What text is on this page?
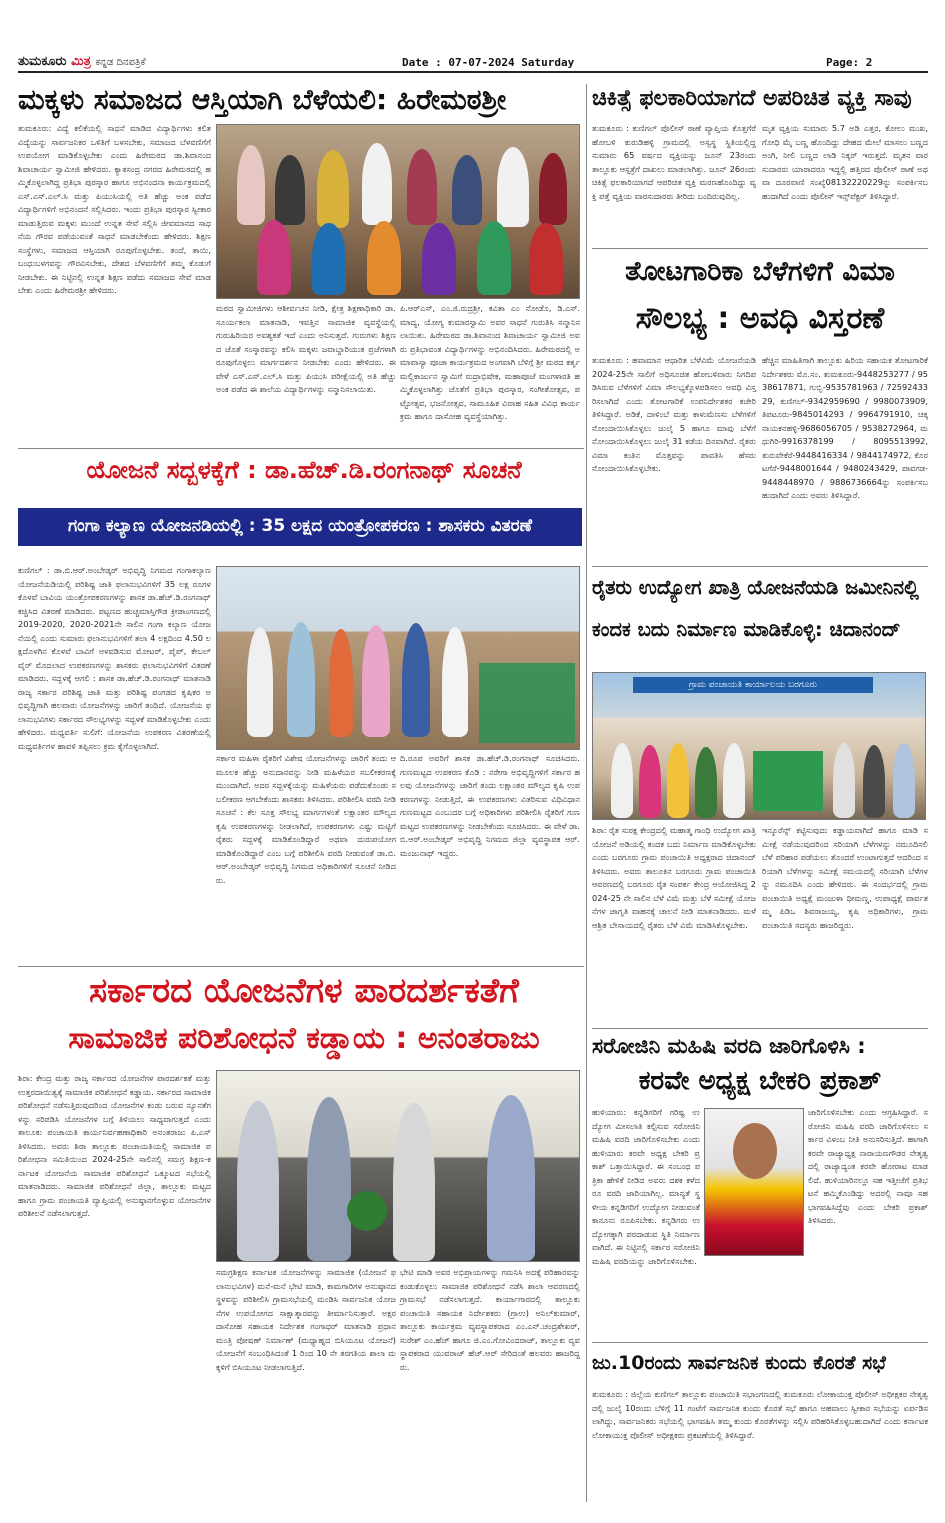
ತುಮಕೂರು ಮಿತ್ರ ಕನ್ನಡ ದಿನಪತ್ರಿಕೆ	Date : 07-07-2024 Saturday	Page: 2
ಮಕ್ಕಳು ಸಮಾಜದ ಆಸ್ತಿಯಾಗಿ ಬೆಳೆಯಲಿ: ಹಿರೇಮಠಶ್ರೀ
ತುಮಕೂರು: ವಿದ್ಯೆ ಕಲಿಕೆಯಲ್ಲಿ ಸಾಧನೆ ಮಾಡಿದ ವಿದ್ಯಾರ್ಥಿಗಳು ಕಲಿತ ವಿದ್ಯೆಯನ್ನು ಸಾರ್ವಜನಿಕರ ಒಳಿತಿಗೆ ಬಳಸಬೇಕು, ಸಮಾಜದ ಬೆಳವಣಿಗೆಗೆ ಉಪಯೋಗ ಮಾಡಿಕೊಳ್ಳಬೇಕು ಎಂದು ಹಿರೇಮಠದ ಡಾ.ಶಿವಾನಂದ ಶಿವಾಚಾರ್ಯ ಸ್ವಾಮೀಜಿ ಹೇಳಿದರು. ಕ್ಯಾತಸಂದ್ರ ನಗರದ ಹಿರೇಮಠದಲ್ಲಿ ಹಮ್ಮಿಕೊಳ್ಳಲಾಗಿದ್ದ ಪ್ರತಿಭಾ ಪುರಸ್ಕಾರ ಹಾಗೂ ಅಭಿನಂದನಾ ಕಾರ್ಯಕ್ರಮದಲ್ಲಿ ಎಸ್.ಎಸ್.ಎಲ್.ಸಿ ಮತ್ತು ಪಿಯುಸಿಯಲ್ಲಿ ಅತಿ ಹೆಚ್ಚು ಅಂಕ ಪಡೆದ ವಿದ್ಯಾರ್ಥಿಗಳಿಗೆ ಅಭಿನಂದನೆ ಸಲ್ಲಿಸಿದರು. ಇಂದು ಪ್ರತಿಭಾ ಪುರಸ್ಕಾರ ಸ್ವೀಕಾರ ಮಾಡುತ್ತಿರುವ ಮಕ್ಕಳು ಮುಂದೆ ಉನ್ನತ ಸೇವೆ ಸಲ್ಲಿಸಿ ಜೀವಮಾನದ ಸಾಧನೆಯ ಗೌರವ ಪಡೆಯುವಂತೆ ಸಾಧನೆ ಮಾಡಬೇಕೆಂದು ಹೇಳಿದರು. ಶಿಕ್ಷಣ ಸಂಸ್ಥೆಗಳು, ಸಮಾಜದ ಆಸ್ತಿಯಾಗಿ ರೂಪುಗೊಳ್ಳಬೇಕು. ತಂದೆ, ತಾಯಿ, ಬಂಧುಬಳಗವನ್ನು ಗೌರವಿಸಬೇಕು, ದೇಶದ ಬೆಳವಣಿಗೆಗೆ ತಮ್ಮ ಕೊಡುಗೆ ನೀಡಬೇಕು. ಈ ನಿಟ್ಟಿನಲ್ಲಿ ಉನ್ನತ ಶಿಕ್ಷಣ ಪಡೆದು ಸಮಾಜದ ಸೇವೆ ಮಾಡಬೇಕು ಎಂದು ಹಿರೇಮಠಶ್ರೀ ಹೇಳಿದರು.
ಮಠದ ಸ್ವಾಮೀಜಿಗಳು ಆಶೀರ್ವಚನ ನೀಡಿ, ಕ್ಷೇತ್ರ ಶಿಕ್ಷಣಾಧಿಕಾರಿ ಡಾ.ಸೂರ್ಯಕಲಾ ಮಾತನಾಡಿ, ಇವತ್ತಿನ ಸಾಮಾಜಿಕ ವ್ಯವಸ್ಥೆಯಲ್ಲಿ ಗುರುಹಿರಿಯರ ಅವಶ್ಯಕತೆ ಇದೆ ಎಂದು ಅನಿಸುತ್ತದೆ. ಗುರುಗಳು ಶಿಕ್ಷಣದ ಜೊತೆ ಸಂಸ್ಕಾರವನ್ನು ಕಲಿಸಿ ಮಕ್ಕಳು ಜವಾಬ್ದಾರಿಯುತ ಪ್ರಜೆಗಳಾಗಿ ರೂಪುಗೊಳ್ಳಲು ಮಾರ್ಗದರ್ಶನ ನೀಡಬೇಕು ಎಂದು ಹೇಳಿದರು. ಈ ವೇಳೆ ಎಸ್.ಎಸ್.ಎಲ್.ಸಿ ಮತ್ತು ಪಿಯುಸಿ ಪರೀಕ್ಷೆಯಲ್ಲಿ ಅತಿ ಹೆಚ್ಚು ಅಂಕ ಪಡೆದ ಈ ಶಾಲೆಯ ವಿದ್ಯಾರ್ಥಿಗಳನ್ನು ಸನ್ಮಾನಿಸಲಾಯಿತು.
ಪಿ.ಆರ್‌ಎಸ್, ಎಂ.ಜಿ.ರುದ್ರಶ್ರೀ, ಕವಿತಾ ಎಂ ನೋಡೊ, ಡಿ.ಎಸ್.ಮಾದ್ಯ, ಯೋಗ್ಯ ಕುಮಾರಸ್ವಾಮಿ ಅವರ ಸಾಧನೆ ಗುರುತಿಸಿ ಸನ್ಮಾನಿಸಲಾಯಿತು. ಹಿರೇಮಠದ ಡಾ.ಶಿವಾನಂದ ಶಿವಾಚಾರ್ಯ ಸ್ವಾಮೀಜಿ ಅವರು ಪ್ರತಿಭಾವಂತ ವಿದ್ಯಾರ್ಥಿಗಳನ್ನು ಅಭಿನಂದಿಸಿದರು. ಹಿರೇಮಠದಲ್ಲಿ ಅಮಾವಾಸ್ಯಾ ಪೂಜಾ ಕಾರ್ಯಕ್ರಮದ ಅಂಗವಾಗಿ ಬೆಳಿಗ್ಗೆ ಶ್ರೀ ಮಠದ ಕರ್ತೃ ಮಲ್ಲಿಕಾರ್ಜುನ ಸ್ವಾಮಿಗೆ ರುದ್ರಾಭಿಷೇಕ, ಮಹಾಪೂಜೆ ಮಂಗಳಾರತಿ ಹಮ್ಮಿಕೊಳ್ಳಲಾಗಿತ್ತು ಜೊತೆಗೆ ಪ್ರತಿಭಾ ಪುರಸ್ಕಾರ, ಸಂಗೀತೋತ್ಸವ, ಪಟ್ಟೋತ್ಸವ, ಭಜನೋತ್ಸವ, ಸಾಮೂಹಿಕ ವಿವಾಹ ಸಹಿತ ವಿವಿಧ ಕಾರ್ಯಕ್ರಮ ಹಾಗೂ ದಾಸೋಹ ವ್ಯವಸ್ಥೆಯಾಗಿತ್ತು.
ಚಿಕಿತ್ಸೆ ಫಲಕಾರಿಯಾಗದೆ ಅಪರಿಚಿತ ವ್ಯಕ್ತಿ ಸಾವು
ತುಮಕೂರು : ಕುಣಿಗಲ್ ಪೊಲೀಸ್ ಠಾಣೆ ವ್ಯಾಪ್ತಿಯ ಕೊತ್ತಗೆರೆ ಹೋಬಳಿ ಕುರುಡಿಹಳ್ಳಿ ಗ್ರಾಮದಲ್ಲಿ ಅಸ್ವಸ್ಥ ಸ್ಥಿತಿಯಲ್ಲಿದ್ದ ಸುಮಾರು 65 ವರ್ಷದ ವ್ಯಕ್ತಿಯನ್ನು ಜೂನ್ 23ರಂದು ತಾಲ್ಲೂಕು ಆಸ್ಪತ್ರೆಗೆ ದಾಖಲು ಮಾಡಲಾಗಿತ್ತು. ಜೂನ್ 26ರಂದು ಚಿಕಿತ್ಸೆ ಫಲಕಾರಿಯಾಗದೆ ಆಪರಿಚಿತ ವ್ಯಕ್ತಿ ಮರಣಹೊಂದಿದ್ದು ವ್ಯಕ್ತಿ ಪತ್ತೆ ವ್ಯಕ್ತಿಯ ವಾರಸುದಾರರು ತೀರಿದು ಬಂದಿರುವುದಿಲ್ಲ.
ಮೃತ ವ್ಯಕ್ತಿಯ ಸುಮಾರು 5.7 ಅಡಿ ಎತ್ತರ, ಕೋಲು ಮುಖ, ಗೋಧಿ ಮೈ ಬಣ್ಣ ಹೊಂದಿದ್ದು ದೇಹದ ಮೇಲೆ ಮಾಸಲು ಬಣ್ಣದ ಅಂಗಿ, ನೀಲಿ ಬಣ್ಣದ ಲಾಡಿ ನಿಕ್ಕರ್ ಇರುತ್ತದೆ. ಮೃತನ ವಾರಸುದಾರರು ಯಾರಾದರೂ ಇದ್ದಲ್ಲಿ ಹತ್ತಿರದ ಪೊಲೀಸ್ ಠಾಣೆ ಅಥವಾ ದೂರವಾಣಿ ಸಂಖ್ಯೆ08132220229ನ್ನು ಸಂಪರ್ಕಿಸಬಹುದಾಗಿದೆ ಎಂದು ಪೊಲೀಸ್ ಇನ್ಸ್‌ಪೆಕ್ಟರ್ ತಿಳಿಸಿದ್ದಾರೆ.
ತೋಟಗಾರಿಕಾ ಬೆಳೆಗಳಿಗೆ ವಿಮಾ
ಸೌಲಭ್ಯ : ಅವಧಿ ವಿಸ್ತರಣೆ
ತುಮಕೂರು : ಹವಾಮಾನ ಆಧಾರಿತ ಬೆಳೆವಿಮೆ ಯೋಜನೆಯಡಿ 2024-25ನೇ ಸಾಲಿಗೆ ಅಧಿಸೂಚಿತ ಹೋಬಳಿವಾರು ನಿಗದಿಪಡಿಸಿರುವ ಬೆಳೆಗಳಿಗೆ ವಿಮಾ ಸೌಲಭ್ಯಕ್ಕೊಳಪಡಿಸಲು ಅವಧಿ ವಿಸ್ತರಿಸಲಾಗಿದೆ ಎಂದು ತೋಟಗಾರಿಕೆ ಉಪನಿರ್ದೇಶಕರ ಕಚೇರಿ ತಿಳಿಸಿದ್ದಾರೆ. ಅಡಿಕೆ, ದಾಳಿಂಬೆ ಮತ್ತು ಕಾಳುಮೆಣಸು ಬೆಳೆಗಳಿಗೆ ನೋಂದಾಯಿಸಿಕೊಳ್ಳಲು ಜುಲೈ 5 ಹಾಗೂ ಮಾವು ಬೆಳೆಗೆ ನೋಂದಾಯಿಸಿಕೊಳ್ಳಲು ಜುಲೈ 31 ಕಡೆಯ ದಿನವಾಗಿದೆ. ರೈತರು ವಿಮಾ ಕಂತಿನ ಮೊತ್ತವನ್ನು ಪಾವತಿಸಿ ಹೆಸರು ನೋಂದಾಯಿಸಿಕೊಳ್ಳಬೇಕು.
ಹೆಚ್ಚಿನ ಮಾಹಿತಿಗಾಗಿ ತಾಲ್ಲೂಕು ಹಿರಿಯ ಸಹಾಯಕ ತೋಟಗಾರಿಕೆ ನಿರ್ದೇಶಕರು ಮೊ.ಸಂ. ತುಮಕೂರು-9448253277 / 9538617871, ಗುಬ್ಬಿ-9535781963 / 7259243329, ಕುಣಿಗಲ್-9342959690 / 9980073909, ತಿಪಟೂರು-9845014293 / 9964791910, ಚಿಕ್ಕನಾಯಕನಹಳ್ಳಿ-9686056705 / 9538272964, ಮಧುಗಿರಿ-9916378199 / 8095513992, ತುರುವೇಕೆರೆ-9448416334 / 9844174972, ಕೊರಟಗೆರೆ-9448001644 / 9480243429, ಪಾವಗಡ-9448448970 / 9886736664ನ್ನು ಸಂಪರ್ಕಿಸಬಹುದಾಗಿದೆ ಎಂದು ಅವರು ತಿಳಿಸಿದ್ದಾರೆ.
ಯೋಜನೆ ಸದ್ಬಳಕ್ಕೆಗೆ : ಡಾ.ಹೆಚ್.ಡಿ.ರಂಗನಾಥ್ ಸೂಚನೆ
ಗಂಗಾ ಕಲ್ಯಾಣ ಯೋಜನಡಿಯಲ್ಲಿ : 35 ಲಕ್ಷದ ಯಂತ್ರೋಪಕರಣ : ಶಾಸಕರು ವಿತರಣೆ
ಕುಣಿಗಲ್ : ಡಾ.ಬಿ.ಆರ್.ಅಂಬೇಡ್ಕರ್ ಅಭಿವೃದ್ಧಿ ನಿಗಮದ ಗಂಗಾಕಲ್ಯಾಣ ಯೋಜನೆಯಡಿಯಲ್ಲಿ ಪರಿಶಿಷ್ಟ ಜಾತಿ ಫಲಾನುಭವಿಗಳಿಗೆ 35 ಲಕ್ಷ ರೂಗಳ ಕೊಳವೆ ಬಾವಿಯ ಯಂತ್ರೋಪಕರಣಗಳನ್ನು ಶಾಸಕ ಡಾ.ಹೆಚ್.ಡಿ.ರಂಗನಾಥ್ ಕಚ್ಚಿಸಿದ ವಿತರಣೆ ಮಾಡಿದರು. ಪಟ್ಟಣದ ಹುಚ್ಚಮಾಸ್ತಿಗೌಡ ಕ್ರೀಡಾಂಗಣದಲ್ಲಿ 2019-2020, 2020-2021ನೇ ಸಾಲಿನ ಗಂಗಾ ಕಲ್ಯಾಣ ಯೋಜನೆಯಲ್ಲಿ ಎಂದು ಸುಮಾರು ಫಲಾನುಭವಿಗಳಿಗೆ ತಲಾ 4 ಲಕ್ಷದಿಂದ 4.50 ಲಕ್ಷದೊಳಗಿನ ಕೊಳವೆ ಬಾವಿಗೆ ಅಳವಡಿಸುವ ಮೋಟರ್, ಪೈಪ್, ಕೇಬಲ್ ವೈರ್ ಮೊದಲಾದ ಉಪಕರಣಗಳನ್ನು ಶಾಸಕರು ಫಲಾನುಭವಿಗಳಿಗೆ ವಿತರಣೆ ಮಾಡಿದರು. ಸದ್ಬಳಕ್ಕೆ ಆಗಲಿ : ಶಾಸಕ ಡಾ.ಹೆಚ್.ಡಿ.ರಂಗನಾಥ್ ಮಾತನಾಡಿ ರಾಜ್ಯ ಸರ್ಕಾರ ಪರಿಶಿಷ್ಟ ಜಾತಿ ಮತ್ತು ಪರಿಶಿಷ್ಟ ಪಂಗಡದ ಕೃಷಿಕರ ಅಭಿವೃದ್ಧಿಗಾಗಿ ಹಲವಾರು ಯೋಜನೆಗಳನ್ನು ಜಾರಿಗೆ ತಂದಿದೆ. ಯೋಜನೆಯ ಫಲಾನುಭವಿಗಳು ಸರ್ಕಾರದ ಸೌಲಭ್ಯಗಳನ್ನು ಸದ್ಬಳಕೆ ಮಾಡಿಕೊಳ್ಳಬೇಕು ಎಂದು ಹೇಳಿದರು. ಮಧ್ಯವರ್ತಿ ಸುಲಿಗೆ: ಯೋಜನೆಯ ಉಪಕರಣ ವಿತರಣೆಯಲ್ಲಿ ಮಧ್ಯವರ್ತಿಗಳ ಹಾವಳಿ ತಪ್ಪಿಸಲು ಕ್ರಮ ಕೈಗೊಳ್ಳಲಾಗಿದೆ.
ಸರ್ಕಾರ ಮಹಿಳಾ ರೈತರಿಗೆ ವಿಶೇಷ ಯೋಜನೆಗಳನ್ನು ಜಾರಿಗೆ ತಂದು ಆ ಮೂಲಕ ಹೆಚ್ಚು ಅನುದಾನವನ್ನು ನೀಡಿ ಮಹಿಳೆಯರ ಸಬಲೀಕರಣಕ್ಕೆ ಮುಂದಾಗಿದೆ. ಅದರ ಸದ್ಬಳಕ್ಕೆಯನ್ನು ಮಹಿಳೆಯರು ಪಡೆದುಕೊಂಡು ಸಬಲೀಕರಣ ಆಗಬೇಕೆಂದು ಶಾಸಕರು ತಿಳಿಸಿದರು. ಪರಿಶೀಲಿಸಿ ವರದಿ ನೀಡಿ ಸೂಚನೆ : ಕೆಲ ಸೂಕ್ತ ಸೌಲಭ್ಯ ಮಾರ್ಗಗಳಂತೆ ಲಕ್ಷಾಂತರ ಮೌಲ್ಯದ ಕೃಷಿ ಉಪಕರಣಗಳನ್ನು ನೀಡಲಾಗಿದೆ, ಉಪಕರಣಗಳು ಎಷ್ಟು ಮಟ್ಟಿಗೆ ರೈತರು ಸದ್ಬಳಕ್ಕೆ ಮಾಡಿಕೊಂಡಿದ್ದಾರೆ ಅಥವಾ ದುರುಪಯೋಗ ಮಾಡಿಕೊಂಡಿದ್ದಾರೆ ಎಂಬ ಬಗ್ಗೆ ಪರಿಶೀಲಿಸಿ ವರದಿ ನೀಡುವಂತೆ ಡಾ.ಬಿ.ಆರ್.ಅಂಬೇಡ್ಕರ್ ಅಭಿವೃದ್ಧಿ ನಿಗಮದ ಅಧಿಕಾರಿಗಳಿಗೆ ಸೂಚನೆ ನೀಡಿದರು.
ದಿ.ರೂಪ ಅವರಿಗೆ ಶಾಸಕ ಡಾ.ಹೆಚ್.ಡಿ.ರಂಗನಾಥ್ ಸೂಚಿಸಿದರು. ಗುಣಮಟ್ಟದ ಉಪಕರಣ ಕೊಡಿ : ನರೇಗಾ ಅಭಿವೃದ್ಧಿಗಳಿಗೆ ಸರ್ಕಾರ ಹಲವು ಯೋಜನೆಗಳನ್ನು ಜಾರಿಗೆ ತಂದು ಲಕ್ಷಾಂತರ ಮೌಲ್ಯದ ಕೃಷಿ ಉಪಕರಣಗಳನ್ನು ನೀಡುತ್ತಿದೆ, ಈ ಉಪಕರಣಗಳು ವಿತರಿಸುವ ವಿಧಿವಿಧಾನ ಗುಣಮಟ್ಟದ ಎಂಬುದರ ಬಗ್ಗೆ ಅಧಿಕಾರಿಗಳು ಪರಿಶೀಲಿಸಿ ರೈತರಿಗೆ ಗುಣಮಟ್ಟದ ಉಪಕರಣಗಳನ್ನು ನೀಡಬೇಕೆಂದು ಸೂಚಿಸಿದರು. ಈ ವೇಳೆ ಡಾ.ಬಿ.ಆರ್.ಅಂಬೇಡ್ಕರ್ ಅಭಿವೃದ್ಧಿ ನಿಗಮದ ಜಿಲ್ಲಾ ವ್ಯವಸ್ಥಾಪಕ ಆರ್.ಮಂಜುನಾಥ್ ಇದ್ದರು.
ರೈತರು ಉದ್ಯೋಗ ಖಾತ್ರಿ ಯೋಜನೆಯಡಿ ಜಮೀನಿನಲ್ಲಿ
ಕಂದಕ ಬದು ನಿರ್ಮಾಣ ಮಾಡಿಕೊಳ್ಳಿ: ಚಿದಾನಂದ್
ಗ್ರಾಮ ಪಂಚಾಯತಿ ಕಾರ್ಯಾಲಯ ಬರಗೂರು
ಶಿರಾ: ರೈತ ಸುರಕ್ಷ ಕೇಂದ್ರದಲ್ಲಿ ಮಹಾತ್ಮ ಗಾಂಧಿ ಉದ್ಯೋಗ ಖಾತ್ರಿ ಯೋಜನೆ ಅಡಿಯಲ್ಲಿ ಕಂದಕ ಬದು ನಿರ್ಮಾಣ ಮಾಡಿಕೊಳ್ಳಬೇಕು ಎಂದು ಬರಗೂರು ಗ್ರಾಮ ಪಂಚಾಯಿತಿ ಅಧ್ಯಕ್ಷರಾದ ಚಿದಾನಂದ್ ತಿಳಿಸಿದರು. ಅವರು ತಾಲೂಕಿನ ಬರಗೂರು ಗ್ರಾಮ ಪಂಚಾಯಿತಿ ಆವರಣದಲ್ಲಿ ಬರಗೂರು ರೈತ ಸಂಪರ್ಕ ಕೇಂದ್ರ ಆಯೋಜಿಸಿದ್ದ 2024-25 ನೇ ಸಾಲಿನ ಬೆಳೆ ವಿಮೆ ಮತ್ತು ಬೆಳೆ ಸಮೀಕ್ಷೆ ಯೋಜನೆಗಳ ಜಾಗೃತಿ ವಾಹನಕ್ಕೆ ಚಾಲನೆ ನೀಡಿ ಮಾತನಾಡಿದರು. ಮಳೆ ಆಶ್ರಿತ ಬೇಸಾಯದಲ್ಲಿ ರೈತರು ಬೆಳೆ ವಿಮೆ ಮಾಡಿಸಿಕೊಳ್ಳಬೇಕು.
ಇನ್ಶೂರೆನ್ಸ್ ಕಟ್ಟಿಸುವುದು ಕಡ್ಡಾಯವಾಗಿದೆ ಹಾಗೂ ಮಾಡಿ ಸಮೀಕ್ಷೆ ನಡೆಯುವುದರಿಂದ ಸರಿಯಾಗಿ ಬೆಳೆಗಳನ್ನು ನಮೂದಿಸಲಿ ಬೆಳೆ ಪರಿಹಾರ ಪಡೆಯಲು ತೊಂದರೆ ಉಂಟಾಗುತ್ತದೆ ಆದರಿಂದ ಸರಿಯಾಗಿ ಬೆಳೆಗಳನ್ನು ಸಮೀಕ್ಷೆ ಸಮಯದಲ್ಲಿ ಸರಿಯಾಗಿ ಬೆಳೆಗಳನ್ನು ನಮೂದಿಸಿ ಎಂದು ಹೇಳಿದರು. ಈ ಸಂದರ್ಭದಲ್ಲಿ ಗ್ರಾಮ ಪಂಚಾಯಿತಿ ಅಧ್ಯಕ್ಷೆ ಮಂಜುಳಾ ಧೀಮಣ್ಣ, ಉಪಾಧ್ಯಕ್ಷೆ ಪಾರ್ವತಮ್ಮ ಪಿಡಿಒ ಶಿವರಾಜಯ್ಯ, ಕೃಷಿ ಅಧಿಕಾರಿಗಳು, ಗ್ರಾಮ ಪಂಚಾಯಿತಿ ಸದಸ್ಯರು ಹಾಜರಿದ್ದರು.
ಸರ್ಕಾರದ ಯೋಜನೆಗಳ ಪಾರದರ್ಶಕತೆಗೆ
ಸಾಮಾಜಿಕ ಪರಿಶೋಧನೆ ಕಡ್ಡಾಯ : ಅನಂತರಾಜು
ಶಿರಾ: ಕೇಂದ್ರ ಮತ್ತು ರಾಜ್ಯ ಸರ್ಕಾರದ ಯೋಜನೆಗಳ ಪಾರದರ್ಶಕತೆ ಮತ್ತು ಉತ್ತರದಾಯಿತ್ವಕ್ಕೆ ಸಾಮಾಜಿಕ ಪರಿಶೋಧನೆ ಕಡ್ಡಾಯ. ಸರ್ಕಾರದ ಸಾಮಾಜಿಕ ಪರಿಶೋಧನೆ ನಡೆಸುತ್ತಿರುವುದರಿಂದ ಯೋಜನೆಗಳ ಕಂಡು ಬರುವ ನ್ಯೂನತೆಗಳನ್ನು ಸರಿಪಡಿಸಿ ಯೋಜನೆಗಳ ಬಗ್ಗೆ ತಿಳಿಯಲು ಸಾಧ್ಯವಾಗುತ್ತದೆ ಎಂದು ತಾಲೂಕು ಪಂಚಾಯತಿ ಕಾರ್ಯನಿರ್ವಹಣಾಧಿಕಾರಿ ಅನಂತರಾಜು ಪಿ.ಎಸ್ ತಿಳಿಸಿದರು. ಅವರು ಶಿರಾ ತಾಲ್ಲೂಕು ಪಂಚಾಯತಿಯಲ್ಲಿ ಸಾಮಾಜಿಕ ಪರಿಶೋಧನಾ ಸಮಿತಿಯಿಂದ 2024-25ನೇ ಸಾಲಿನಲ್ಲಿ ಸಮಗ್ರ ಶಿಕ್ಷಣ-ಕರ್ನಾಟಕ ಯೋಜನೆಯ ಸಾಮಾಜಿಕ ಪರಿಶೋಧನೆ ಒಕ್ಕೂಟದ ಸಭೆಯಲ್ಲಿ ಮಾತನಾಡಿದರು. ಸಾಮಾಜಿಕ ಪರಿಶೋಧನೆ ಜಿಲ್ಲಾ, ತಾಲ್ಲೂಕು ಮಟ್ಟದ ಹಾಗೂ ಗ್ರಾಮ ಪಂಚಾಯತಿ ವ್ಯಾಪ್ತಿಯಲ್ಲಿ ಅನುಷ್ಠಾನಗೊಳ್ಳುವ ಯೋಜನೆಗಳ ಪರಿಶೀಲನೆ ನಡೆಸಲಾಗುತ್ತದೆ.
ಸಮಗ್ರಶಿಕ್ಷಣ ಕರ್ನಾಟಕ ಯೋಜನೆಗಳನ್ನು ಸಾಮಾಜಿಕ (ಯೋಜನೆ ಫಲಾನುಭವಿಗಳ) ಮನೆ-ಮನೆ ಭೇಟಿ ಮಾಡಿ, ಕಾಮಗಾರಿಗಳ ಅನುಷ್ಠಾನದ ಸ್ಥಳವನ್ನು ಪರಿಶೀಲಿಸಿ ಗ್ರಾಮಸಭೆಯಲ್ಲಿ ಮಂಡಿಸಿ ಸಾರ್ವಜನಿಕ ಯೋಜನೆಗಳ ಉಪಯೋಗದ ಸಾಕ್ಷಾತ್ಕಾರವನ್ನು ತೀರ್ಮಾನಿಸುತ್ತಾರೆ. ಅಕ್ಷರ ದಾಸೋಹ ಸಹಾಯಕ ನಿರ್ದೇಶಕ ಗಂಗಾಧರ್ ಮಾತನಾಡಿ ಪ್ರಧಾನ ಮಂತ್ರಿ ಪೋಷಣ್ ನಿರ್ಮಾಣ್ (ಮಧ್ಯಾಹ್ನದ ಬಿಸಿಯೂಟ ಯೋಜನೆ) ಯೋಜನೆಗೆ ಸಂಬಂಧಿಸಿದಂತೆ 1 ರಿಂದ 10 ನೇ ತರಗತಿಯ ಶಾಲಾ ಮಕ್ಕಳಿಗೆ ಬಿಸಿಯೂಟ ನೀಡಲಾಗುತ್ತಿದೆ.
ಭೇಟಿ ಮಾಡಿ ಅವರ ಅಭಿಪ್ರಾಯಗಳನ್ನು ಗಮನಿಸಿ ಅದಕ್ಕೆ ಪರಿಹಾರವನ್ನು ಕಂಡುಕೊಳ್ಳಲು ಸಾಮಾಜಿಕ ಪರಿಶೋಧನೆ ನಡೆಸಿ ಶಾಲಾ ಆವರಣದಲ್ಲಿ ಗ್ರಾಮಸಭೆ ನಡೆಸಲಾಗುತ್ತದೆ. ಕಾರ್ಯಾಗಾರದಲ್ಲಿ ತಾಲ್ಲೂಕು ಪಂಚಾಯಿತಿ ಸಹಾಯಕ ನಿರ್ದೇಶಕರು (ಗ್ರಾಉ) ಅನಿಲ್‌ಕುಮಾರ್, ತಾಲ್ಲೂಕು ಕಾರ್ಯಕ್ರಮ ವ್ಯವಸ್ಥಾಪಕರಾದ ಎಂ.ಎನ್.ಚಂದ್ರಶೇಖರ್, ಸುರೇಶ್ ಎಂ.ಹೆಚ್ ಹಾಗೂ ಜಿ.ಎಂ.ಗೋವಿಂದರಾಜ್, ತಾಲ್ಲೂಕು ವ್ಯವಸ್ಥಾಪಕರಾದ ಯುವರಾಜ್ ಹೆಚ್.ಆರ್ ಸೇರಿದಂತೆ ಹಲವರು ಹಾಜರಿದ್ದರು.
ಸರೋಜಿನಿ ಮಹಿಷಿ ವರದಿ ಜಾರಿಗೊಳಿಸಿ :
ಕರವೇ ಅಧ್ಯಕ್ಷ ಬೇಕರಿ ಪ್ರಕಾಶ್
ಹುಳಿಯಾರು: ಕನ್ನಡಿಗರಿಗೆ ಗರಿಷ್ಟ ಉದ್ಯೋಗ ಮೀಸಲಾತಿ ಕಲ್ಪಿಸುವ ಸರೋಜಿನಿ ಮಹಿಷಿ ವರದಿ ಜಾರಿಗೊಳಿಸಬೇಕು ಎಂದು ಹುಳಿಯಾರು ಕರವೇ ಅಧ್ಯಕ್ಷ ಬೇಕರಿ ಪ್ರಕಾಶ್ ಒತ್ತಾಯಿಸಿದ್ದಾರೆ. ಈ ಸಂಬಂಧ ಪತ್ರಿಕಾ ಹೇಳಿಕೆ ನೀಡಿದ ಅವರು ದಶಕ ಕಳೆದರೂ ವರದಿ ಜಾರಿಯಾಗಿಲ್ಲ. ಮಾನ್ಯತೆ ಸ್ಥಳೀಯ ಕನ್ನಡಿಗರಿಗೆ ಉದ್ಯೋಗ ನೀಡುವಂತೆ ಕಾನೂನು ರೂಪಿಸಬೇಕು. ಕನ್ನಡಿಗರು ಉದ್ಯೋಗಕ್ಕಾಗಿ ಪರದಾಡುವ ಸ್ಥಿತಿ ನಿರ್ಮಾಣವಾಗಿದೆ. ಈ ನಿಟ್ಟಿನಲ್ಲಿ ಸರ್ಕಾರ ಸರೋಜಿನಿ ಮಹಿಷಿ ವರದಿಯನ್ನು ಜಾರಿಗೊಳಿಸಬೇಕು.
ಜಾರಿಗೊಳಿಸಬೇಕು ಎಂದು ಆಗ್ರಹಿಸಿದ್ದಾರೆ. ಸರೋಜಿನಿ ಮಹಿಷಿ ವರದಿ ಜಾರಿಗೊಳಿಸಲು ಸರ್ಕಾರ ವಿಳಂಬ ನೀತಿ ಅನುಸರಿಸುತ್ತಿದೆ. ಹಾಗಾಗಿ ಕರವೇ ರಾಜ್ಯಾಧ್ಯಕ್ಷ ನಾರಾಯಣಗೌಡರ ನೇತೃತ್ವದಲ್ಲಿ ರಾಜ್ಯಾದ್ಯಂತ ಕರವೇ ಹೋರಾಟ ಮಾಡಲಿದೆ. ಹುಳಿಯಾರಿನಲ್ಲೂ ಸಹ ಇತ್ತೀಚೆಗೆ ಪ್ರತಿಭಟನೆ ಹಮ್ಮಿಕೊಂಡಿದ್ದು ಅದರಲ್ಲಿ ನಾವೂ ಸಹ ಭಾಗವಹಿಸಿದ್ದೆವು ಎಂದು ಬೇಕರಿ ಪ್ರಕಾಶ್ ತಿಳಿಸಿದರು.
ಜು.10ರಂದು ಸಾರ್ವಜನಿಕ ಕುಂದು ಕೊರತೆ ಸಭೆ
ತುಮಕೂರು : ಜಿಲ್ಲೆಯ ಕುಣಿಗಲ್ ತಾಲ್ಲೂಕು ಪಂಚಾಯಿತಿ ಸಭಾಂಗಣದಲ್ಲಿ ತುಮಕೂರು ಲೋಕಾಯುಕ್ತ ಪೊಲೀಸ್ ಅಧೀಕ್ಷಕರ ನೇತೃತ್ವದಲ್ಲಿ ಜುಲೈ 10ರಂದು ಬೆಳಿಗ್ಗೆ 11 ಗಂಟೆಗೆ ಸಾರ್ವಜನಿಕ ಕುಂದು ಕೊರತೆ ಸಭೆ ಹಾಗೂ ಅಹವಾಲು ಸ್ವೀಕಾರ ಸಭೆಯನ್ನು ಏರ್ಪಡಿಸಲಾಗಿದ್ದು, ಸಾರ್ವಜನಿಕರು ಸಭೆಯಲ್ಲಿ ಭಾಗವಹಿಸಿ ತಮ್ಮ ಕುಂದು ಕೊರತೆಗಳನ್ನು ಸಲ್ಲಿಸಿ ಪರಿಹರಿಸಿಕೊಳ್ಳಬಹುದಾಗಿದೆ ಎಂದು ಕರ್ನಾಟಕ ಲೋಕಾಯುಕ್ತ ಪೊಲೀಸ್ ಅಧೀಕ್ಷಕರು ಪ್ರಕಟಣೆಯಲ್ಲಿ ತಿಳಿಸಿದ್ದಾರೆ.
